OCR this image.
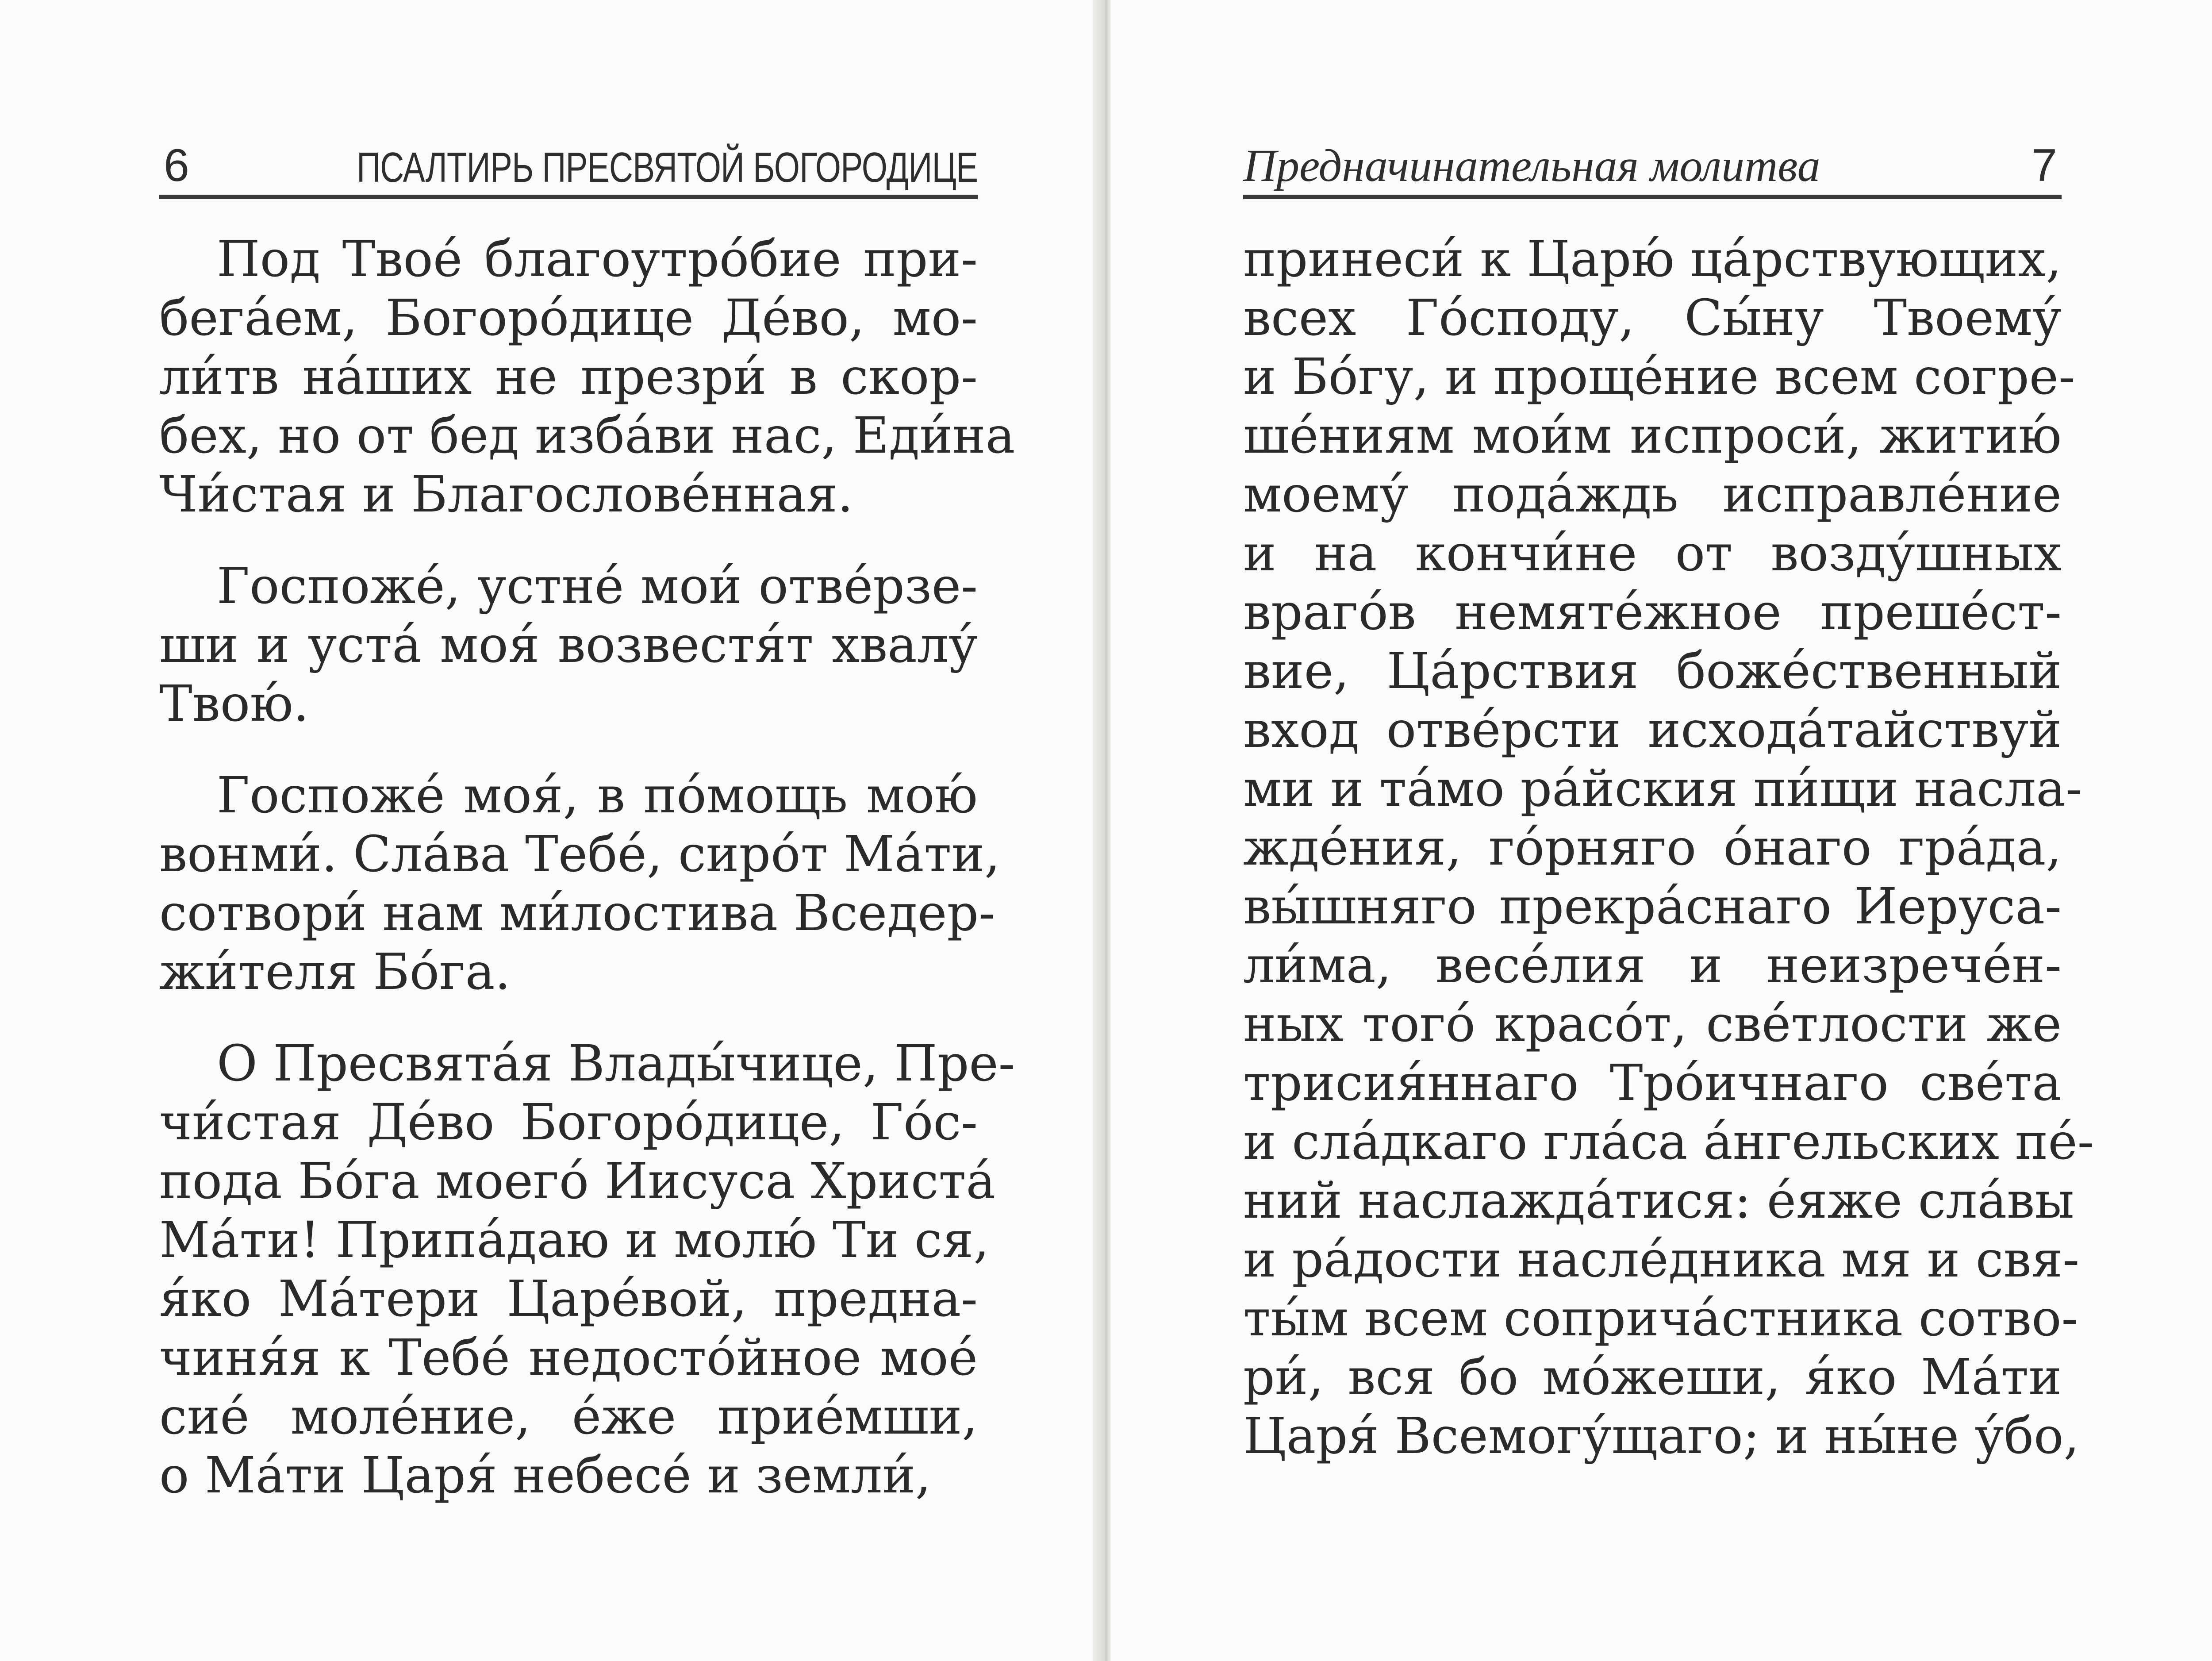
6	ПСАЛТИРЬ ПРЕСВЯТОЙ БОГОРОДИЦЕ
Под Твое́ благоутро́бие при-
бега́ем, Богоро́дице Де́во, мо-
ли́тв на́ших не презри́ в скор-
бех, но от бед изба́ви нас, Еди́на
Чи́стая и Благослове́нная.
Госпоже́, устне́ мои́ отве́рзе-
ши и уста́ моя́ возвестя́т хвалу́
Твою́.
Госпоже́ моя́, в по́мощь мою́
вонми́. Сла́ва Тебе́, сиро́т Ма́ти,
сотвори́ нам ми́лостива Вседер-
жи́теля Бо́га.
О Пресвята́я Влады́чице, Пре-
чи́стая Де́во Богоро́дице, Го́с-
пода Бо́га моего́ Иисуса Христа́
Ма́ти! Припа́даю и молю́ Ти ся,
я́ко Ма́тери Царе́вой, предна-
чиня́я к Тебе́ недосто́йное мое́
сие́ моле́ние, е́же прие́мши,
о Ма́ти Царя́ небесе́ и земли́,
Предначинательная молитва	7
принеси́ к Царю́ ца́рствующих,
всех Го́споду, Сы́ну Твоему́
и Бо́гу, и проще́ние всем согре-
ше́ниям мои́м испроси́, житию́
моему́ пода́ждь исправле́ние
и на кончи́не от возду́шных
враго́в немяте́жное преше́ст-
вие, Ца́рствия боже́ственный
вход отве́рсти исхода́тайствуй
ми и та́мо ра́йския пи́щи насла-
жде́ния, го́рняго о́наго гра́да,
вы́шняго прекра́снаго Иеруса-
ли́ма, весе́лия и неизрече́н-
ных того́ красо́т, све́тлости же
трисия́ннаго Тро́ичнаго све́та
и сла́дкаго гла́са а́нгельских пе́-
ний наслажда́тися: е́яже сла́вы
и ра́дости насле́дника мя и свя-
ты́м всем соприча́стника сотво-
ри́, вся бо мо́жеши, я́ко Ма́ти
Царя́ Всемогу́щаго; и ны́не у́бо,
